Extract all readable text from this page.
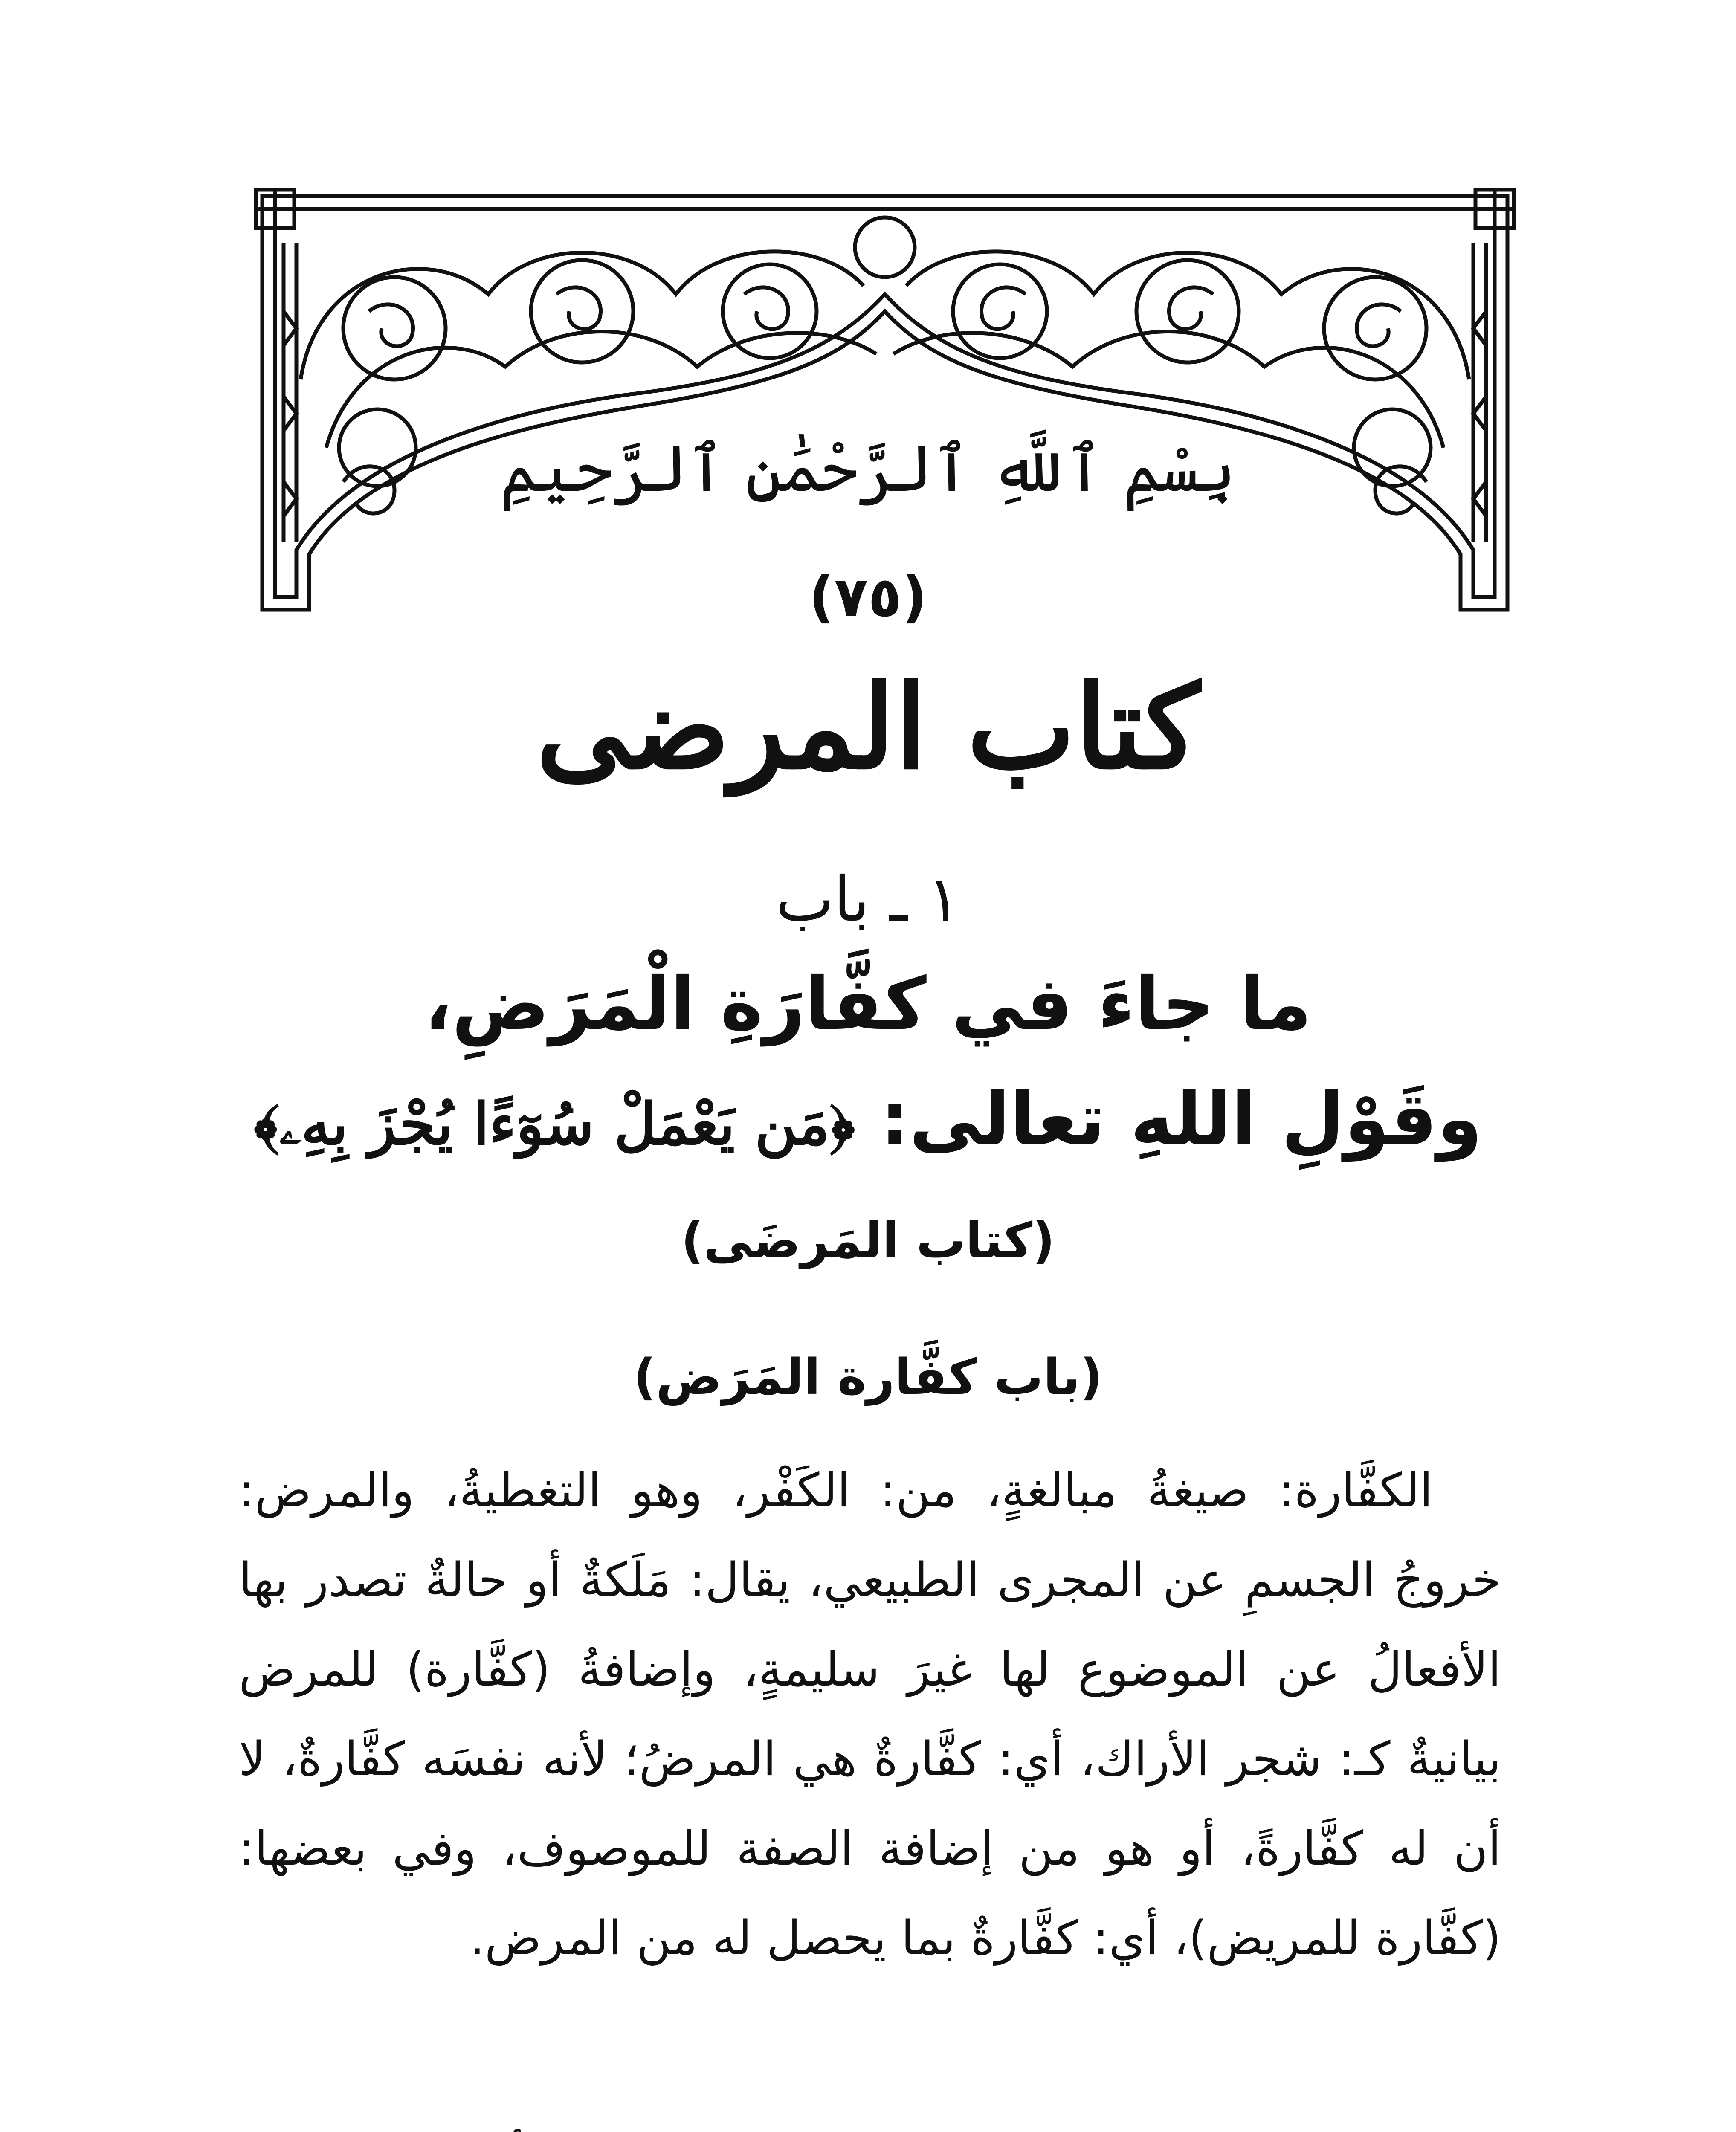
بِسْمِ ٱللَّهِ ٱلرَّحْمَٰنِ ٱلرَّحِيمِ
(٧٥)
كتاب المرضى
١ ـ باب
ما جاءَ في كفَّارَةِ الْمَرَضِ،
وقَوْلِ اللهِ تعالى: ﴿مَن يَعْمَلْ سُوٓءًا يُجْزَ بِهِۦ﴾
(كتاب المَرضَى)
(باب كفَّارة المَرَض)
الكفَّارة: صيغةُ مبالغةٍ، من: الكَفْر، وهو التغطيةُ، والمرض: خروجُ الجسمِ عن المجرى الطبيعي، يقال: مَلَكةٌ أو حالةٌ تصدر بها الأفعالُ عن الموضوع لها غيرَ سليمةٍ، وإضافةُ (كفَّارة) للمرض بيانيةٌ كـ: شجر الأراك، أي: كفَّارةٌ هي المرضُ؛ لأنه نفسَه كفَّارةٌ، لا أن له كفَّارةً، أو هو من إضافة الصفة للموصوف، وفي بعضها: (كفَّارة للمريض)، أي: كفَّارةٌ بما يحصل له من المرض.
